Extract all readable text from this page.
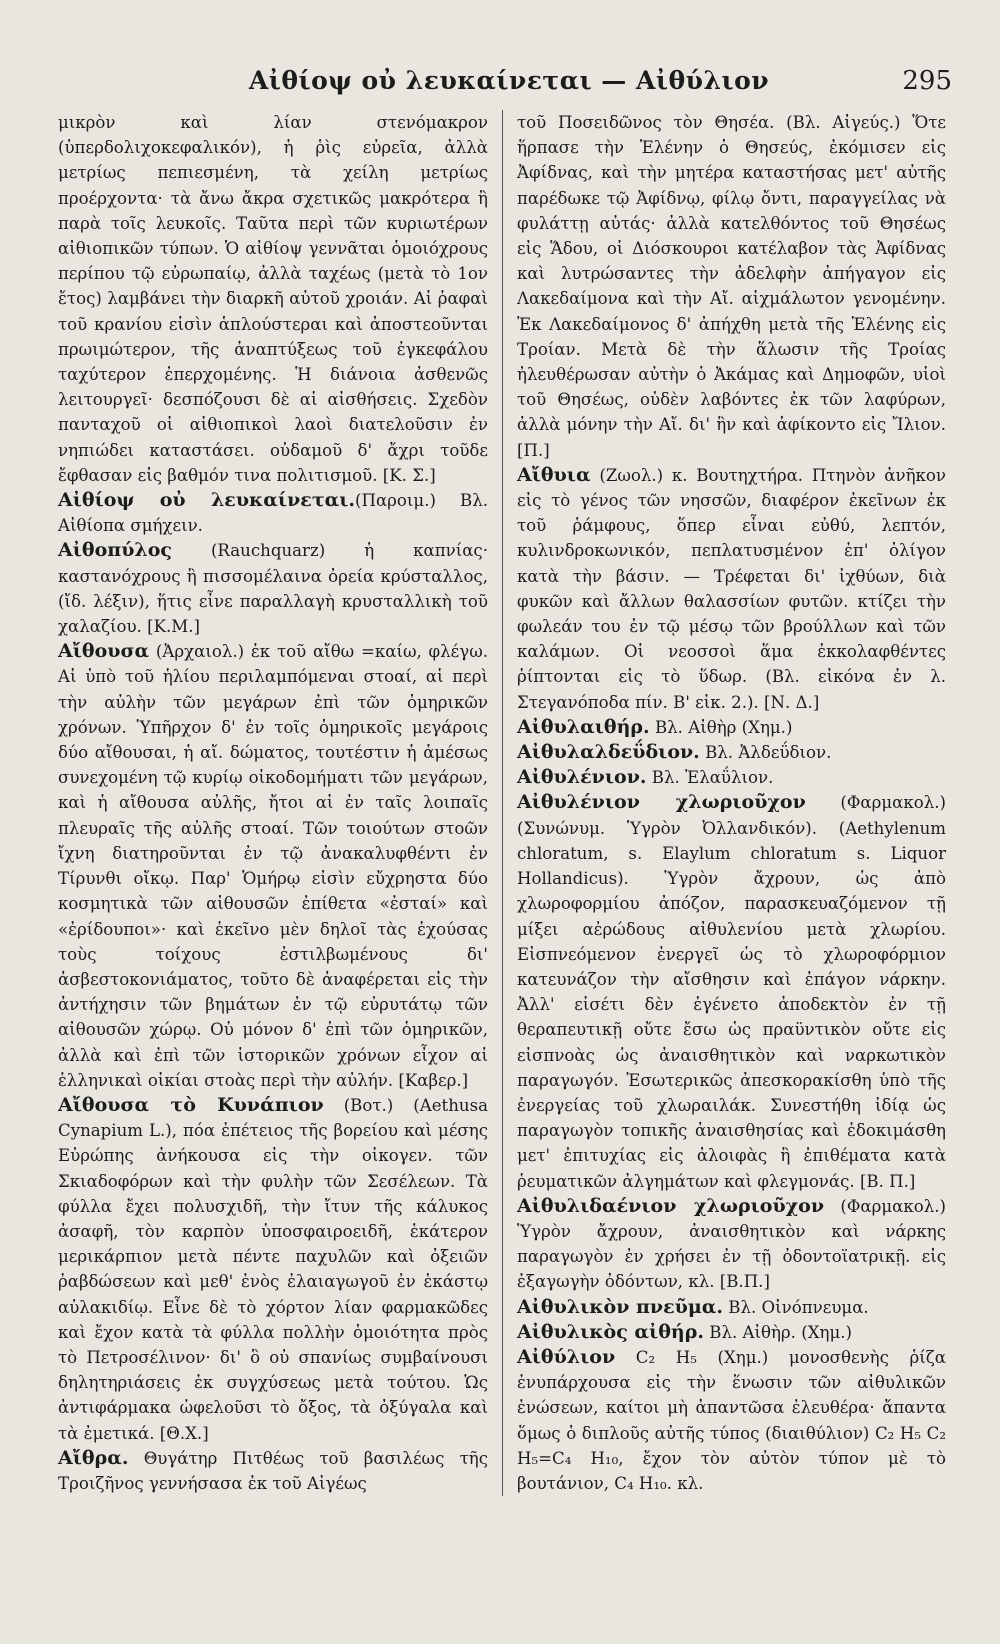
Αἰθίοψ οὐ λευκαίνεται — Αἰθύλιον	295

μικρὸν καὶ λίαν στενόμακρον (ὑπερδολιχοκεφαλικόν), ἡ ῥὶς εὐρεῖα, ἀλλὰ μετρίως πεπιεσμένη, τὰ χείλη μετρίως προέρχοντα· τὰ ἄνω ἄκρα σχετικῶς μακρότερα ἢ παρὰ τοῖς λευκοῖς. Ταῦτα περὶ τῶν κυριωτέρων αἰθιοπικῶν τύπων. Ὁ αἰθίοψ γεννᾶται ὁμοιόχρους περίπου τῷ εὐρωπαίῳ, ἀλλὰ ταχέως (μετὰ τὸ 1ον ἔτος) λαμβάνει τὴν διαρκῆ αὐτοῦ χροιάν. Αἱ ῥαφαὶ τοῦ κρανίου εἰσὶν ἁπλούστεραι καὶ ἀποστεοῦνται πρωιμώτερον, τῆς ἀναπτύξεως τοῦ ἐγκεφάλου ταχύτερον ἐπερχομένης. Ἡ διάνοια ἀσθενῶς λειτουργεῖ· δεσπόζουσι δὲ αἱ αἰσθήσεις. Σχεδὸν πανταχοῦ οἱ αἰθιοπικοὶ λαοὶ διατελοῦσιν ἐν νηπιώδει καταστάσει. οὐδαμοῦ δ' ἄχρι τοῦδε ἔφθασαν εἰς βαθμόν τινα πολιτισμοῦ. [Κ. Σ.]

Αἰθίοψ οὐ λευκαίνεται.(Παροιμ.) Βλ. Αἰθίοπα σμήχειν.

Αἰθοπύλος (Rauchquarz) ἡ καπνίας· καστανόχρους ἢ πισσομέλαινα ὀρεία κρύσταλλος, (ἴδ. λέξιν), ἥτις εἶνε παραλλαγὴ κρυσταλλικὴ τοῦ χαλαζίου. [Κ.Μ.]

Αἴθουσα (Ἀρχαιολ.) ἐκ τοῦ αἴθω =καίω, φλέγω. Αἱ ὑπὸ τοῦ ἡλίου περιλαμπόμεναι στοαί, αἱ περὶ τὴν αὐλὴν τῶν μεγάρων ἐπὶ τῶν ὁμηρικῶν χρόνων. Ὑπῆρχον δ' ἐν τοῖς ὁμηρικοῖς μεγάροις δύο αἴθουσαι, ἡ αἴ. δώματος, τουτέστιν ἡ ἀμέσως συνεχομένη τῷ κυρίῳ οἰκοδομήματι τῶν μεγάρων, καὶ ἡ αἴθουσα αὐλῆς, ἤτοι αἱ ἐν ταῖς λοιπαῖς πλευραῖς τῆς αὐλῆς στοαί. Τῶν τοιούτων στοῶν ἴχνη διατηροῦνται ἐν τῷ ἀνακαλυφθέντι ἐν Τίρυνθι οἴκῳ. Παρ' Ὁμήρῳ εἰσὶν εὔχρηστα δύο κοσμητικὰ τῶν αἰθουσῶν ἐπίθετα «ἐσταί» καὶ «ἐρίδουποι»· καὶ ἐκεῖνο μὲν δηλοῖ τὰς ἐχούσας τοὺς τοίχους ἐστιλβωμένους δι' ἀσβεστοκονιάματος, τοῦτο δὲ ἀναφέρεται εἰς τὴν ἀντήχησιν τῶν βημάτων ἐν τῷ εὐρυτάτῳ τῶν αἰθουσῶν χώρῳ. Οὐ μόνον δ' ἐπὶ τῶν ὁμηρικῶν, ἀλλὰ καὶ ἐπὶ τῶν ἱστορικῶν χρόνων εἶχον αἱ ἑλληνικαὶ οἰκίαι στοὰς περὶ τὴν αὐλήν. [Καβερ.]

Αἴθουσα τὸ Κυνάπιον (Βοτ.) (Aethusa Cynapium L.), πόα ἐπέτειος τῆς βορείου καὶ μέσης Εὐρώπης ἀνήκουσα εἰς τὴν οἰκογεν. τῶν Σκιαδοφόρων καὶ τὴν φυλὴν τῶν Σεσέλεων. Τὰ φύλλα ἔχει πολυσχιδῆ, τὴν ἴτυν τῆς κάλυκος ἀσαφῆ, τὸν καρπὸν ὑποσφαιροειδῆ, ἑκάτερον μερικάρπιον μετὰ πέντε παχυλῶν καὶ ὀξειῶν ῥαβδώσεων καὶ μεθ' ἑνὸς ἐλαιαγωγοῦ ἐν ἑκάστῳ αὐλακιδίῳ. Εἶνε δὲ τὸ χόρτον λίαν φαρμακῶδες καὶ ἔχον κατὰ τὰ φύλλα πολλὴν ὁμοιότητα πρὸς τὸ Πετροσέλινον· δι' ὃ οὐ σπανίως συμβαίνουσι δηλητηριάσεις ἐκ συγχύσεως μετὰ τούτου. Ὡς ἀντιφάρμακα ὠφελοῦσι τὸ ὄξος, τὰ ὀξύγαλα καὶ τὰ ἐμετικά. [Θ.Χ.]

Αἴθρα. Θυγάτηρ Πιτθέως τοῦ βασιλέως τῆς Τροιζῆνος γεννήσασα ἐκ τοῦ Αἰγέως

τοῦ Ποσειδῶνος τὸν Θησέα. (Βλ. Αἰγεύς.) Ὅτε ἥρπασε τὴν Ἑλένην ὁ Θησεύς, ἐκόμισεν εἰς Ἀφίδνας, καὶ τὴν μητέρα καταστήσας μετ' αὐτῆς παρέδωκε τῷ Ἀφίδνῳ, φίλῳ ὄντι, παραγγείλας νὰ φυλάττῃ αὐτάς· ἀλλὰ κατελθόντος τοῦ Θησέως εἰς Ἅδου, οἱ Διόσκουροι κατέλαβον τὰς Ἀφίδνας καὶ λυτρώσαντες τὴν ἀδελφὴν ἀπήγαγον εἰς Λακεδαίμονα καὶ τὴν Αἴ. αἰχμάλωτον γενομένην. Ἐκ Λακεδαίμονος δ' ἀπήχθη μετὰ τῆς Ἑλένης εἰς Τροίαν. Μετὰ δὲ τὴν ἅλωσιν τῆς Τροίας ἠλευθέρωσαν αὐτὴν ὁ Ἀκάμας καὶ Δημοφῶν, υἱοὶ τοῦ Θησέως, οὐδὲν λαβόντες ἐκ τῶν λαφύρων, ἀλλὰ μόνην τὴν Αἴ. δι' ἣν καὶ ἀφίκοντο εἰς Ἴλιον. [Π.]

Αἴθυια (Ζωολ.) κ. Βουτηχτήρα. Πτηνὸν ἀνῆκον εἰς τὸ γένος τῶν νησσῶν, διαφέρον ἐκεῖνων ἐκ τοῦ ῥάμφους, ὅπερ εἶναι εὐθύ, λεπτόν, κυλινδροκωνικόν, πεπλατυσμένον ἐπ' ὀλίγον κατὰ τὴν βάσιν. — Τρέφεται δι' ἰχθύων, διὰ φυκῶν καὶ ἄλλων θαλασσίων φυτῶν. κτίζει τὴν φωλεάν του ἐν τῷ μέσῳ τῶν βρούλλων καὶ τῶν καλάμων. Οἱ νεοσσοὶ ἅμα ἐκκολαφθέντες ῥίπτονται εἰς τὸ ὕδωρ. (Βλ. εἰκόνα ἐν λ. Στεγανόποδα πίν. Β' εἰκ. 2.). [Ν. Δ.]

Αἰθυλαιθήρ. Βλ. Αἰθὴρ (Χημ.)

Αἰθυλαλδεΰδιον. Βλ. Ἀλδεΰδιον.

Αἰθυλένιον. Βλ. Ἐλαΰλιον.

Αἰθυλένιον χλωριοῦχον (Φαρμακολ.) (Συνώνυμ. Ὑγρὸν Ὀλλανδικόν). (Aethylenum chloratum, s. Elaylum chloratum s. Liquor Hollandicus). Ὑγρὸν ἄχρουν, ὡς ἀπὸ χλωροφορμίου ἀπόζον, παρασκευαζόμενον τῇ μίξει αἐρώδους αἰθυλενίου μετὰ χλωρίου. Εἰσπνεόμενον ἐνεργεῖ ὡς τὸ χλωροφόρμιον κατευνάζον τὴν αἴσθησιν καὶ ἐπάγον νάρκην. Ἀλλ' εἰσέτι δὲν ἐγένετο ἀποδεκτὸν ἐν τῇ θεραπευτικῇ οὔτε ἔσω ὡς πραϋντικὸν οὔτε εἰς εἰσπνοὰς ὡς ἀναισθητικὸν καὶ ναρκωτικὸν παραγωγόν. Ἐσωτερικῶς ἀπεσκορακίσθη ὑπὸ τῆς ἐνεργείας τοῦ χλωραιλάκ. Συνεστήθη ἰδίᾳ ὡς παραγωγὸν τοπικῆς ἀναισθησίας καὶ ἐδοκιμάσθη μετ' ἐπιτυχίας εἰς ἀλοιφὰς ἢ ἐπιθέματα κατὰ ῥευματικῶν ἀλγημάτων καὶ φλεγμονάς. [Β. Π.]

Αἰθυλιδαένιον χλωριοῦχον (Φαρμακολ.) Ὑγρὸν ἄχρουν, ἀναισθητικὸν καὶ νάρκης παραγωγὸν ἐν χρήσει ἐν τῇ ὀδοντοϊατρικῇ. εἰς ἐξαγωγὴν ὀδόντων, κλ. [Β.Π.]

Αἰθυλικὸν πνεῦμα. Βλ. Οἰνόπνευμα.

Αἰθυλικὸς αἰθήρ. Βλ. Αἰθὴρ. (Χημ.)

Αἰθύλιον C₂ H₅ (Χημ.) μονοσθενὴς ῥίζα ἐνυπάρχουσα εἰς τὴν ἕνωσιν τῶν αἰθυλικῶν ἑνώσεων, καίτοι μὴ ἀπαντῶσα ἐλευθέρα· ἄπαντα ὅμως ὁ διπλοῦς αὐτῆς τύπος (διαιθύλιον) C₂ H₅ C₂ H₅=C₄ H₁₀, ἔχον τὸν αὐτὸν τύπον μὲ τὸ βουτάνιον, C₄ H₁₀. κλ.
